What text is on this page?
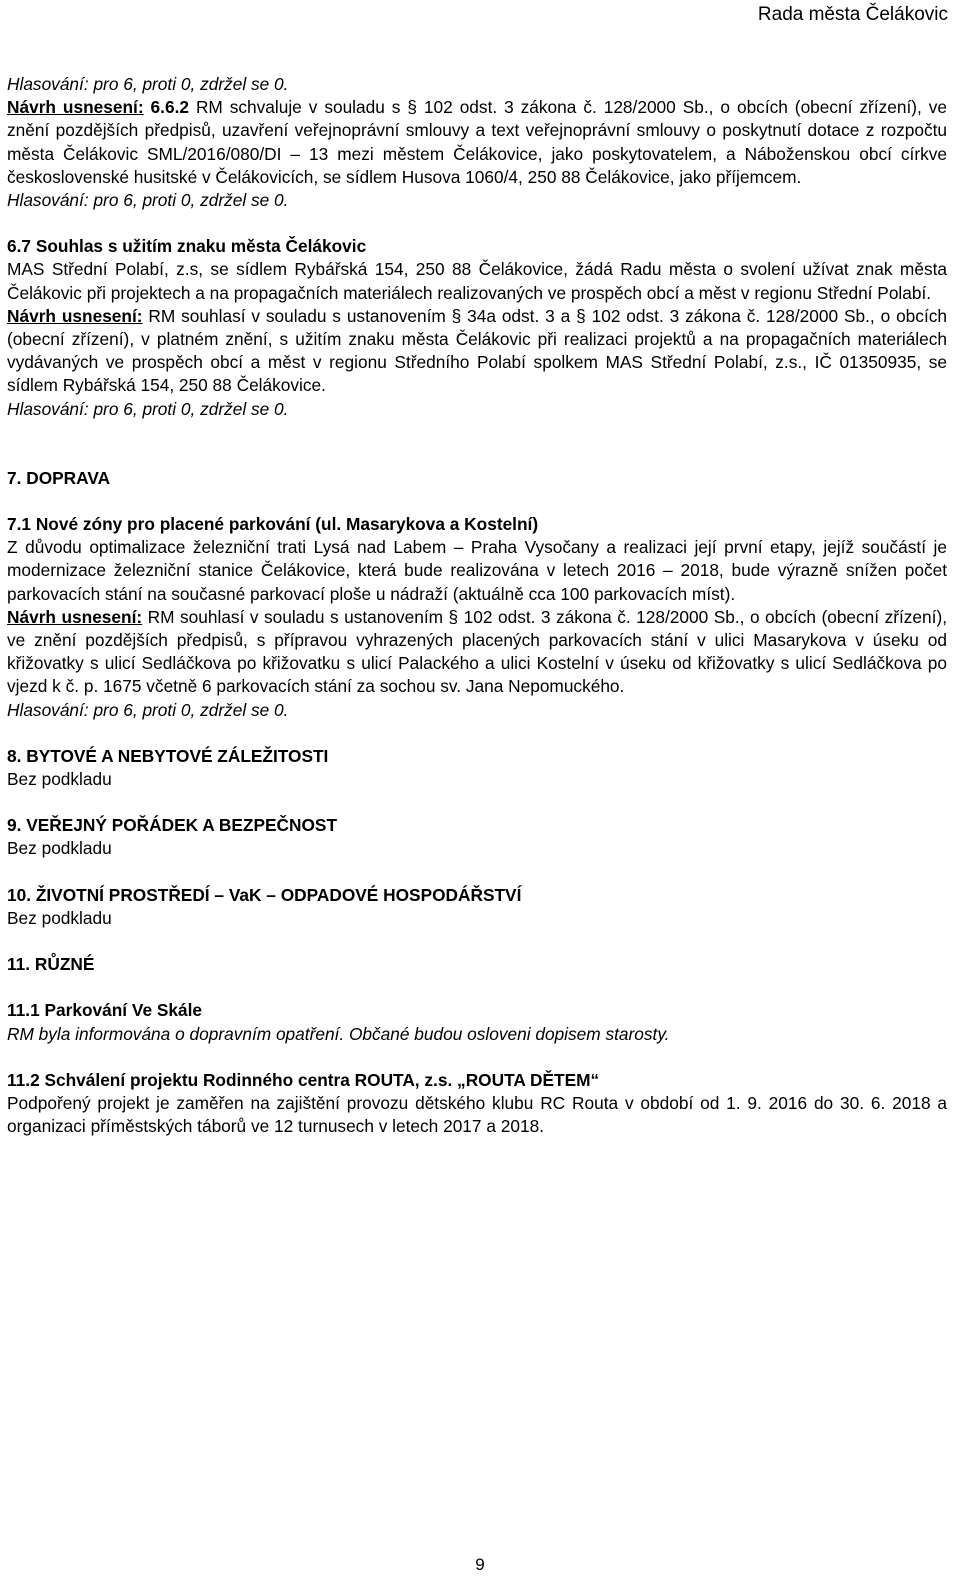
Rada města Čelákovic

Hlasování: pro 6, proti 0, zdržel se 0.

Návrh usnesení: 6.6.2 RM schvaluje v souladu s § 102 odst. 3 zákona č. 128/2000 Sb., o obcích (obecní zřízení), ve znění pozdějších předpisů, uzavření veřejnoprávní smlouvy a text veřejnoprávní smlouvy o poskytnutí dotace z rozpočtu města Čelákovic SML/2016/080/DI – 13 mezi městem Čelákovice, jako poskytovatelem, a Náboženskou obcí církve československé husitské v Čelákovicích, se sídlem Husova 1060/4, 250 88 Čelákovice, jako příjemcem.

Hlasování: pro 6, proti 0, zdržel se 0.

6.7 Souhlas s užitím znaku města Čelákovic

MAS Střední Polabí, z.s, se sídlem Rybářská 154, 250 88 Čelákovice, žádá Radu města o svolení užívat znak města Čelákovic při projektech a na propagačních materiálech realizovaných ve prospěch obcí a měst v regionu Střední Polabí.

Návrh usnesení: RM souhlasí v souladu s ustanovením § 34a odst. 3 a § 102 odst. 3 zákona č. 128/2000 Sb., o obcích (obecní zřízení), v platném znění, s užitím znaku města Čelákovic při realizaci projektů a na propagačních materiálech vydávaných ve prospěch obcí a měst v regionu Středního Polabí spolkem MAS Střední Polabí, z.s., IČ 01350935, se sídlem Rybářská 154, 250 88 Čelákovice.

Hlasování: pro 6, proti 0, zdržel se 0.

7. DOPRAVA

7.1 Nové zóny pro placené parkování (ul. Masarykova a Kostelní)

Z důvodu optimalizace železniční trati Lysá nad Labem – Praha Vysočany a realizaci její první etapy, jejíž součástí je modernizace železniční stanice Čelákovice, která bude realizována v letech 2016 – 2018, bude výrazně snížen počet parkovacích stání na současné parkovací ploše u nádraží (aktuálně cca 100 parkovacích míst).

Návrh usnesení: RM souhlasí v souladu s ustanovením § 102 odst. 3 zákona č. 128/2000 Sb., o obcích (obecní zřízení), ve znění pozdějších předpisů, s přípravou vyhrazených placených parkovacích stání v ulici Masarykova v úseku od křižovatky s ulicí Sedláčkova po křižovatku s ulicí Palackého a ulici Kostelní v úseku od křižovatky s ulicí Sedláčkova po vjezd k č. p. 1675 včetně 6 parkovacích stání za sochou sv. Jana Nepomuckého.

Hlasování: pro 6, proti 0, zdržel se 0.

8. BYTOVÉ A NEBYTOVÉ ZÁLEŽITOSTI

Bez podkladu

9. VEŘEJNÝ POŘÁDEK A BEZPEČNOST

Bez podkladu

10. ŽIVOTNÍ PROSTŘEDÍ – VaK – ODPADOVÉ HOSPODÁŘSTVÍ

Bez podkladu

11. RŮZNÉ

11.1 Parkování Ve Skále

RM byla informována o dopravním opatření. Občané budou osloveni dopisem starosty.

11.2 Schválení projektu Rodinného centra ROUTA, z.s. „ROUTA DĚTEM“

Podpořený projekt je zaměřen na zajištění provozu dětského klubu RC Routa v období od 1. 9. 2016 do 30. 6. 2018 a organizaci příměstských táborů ve 12 turnusech v letech 2017 a 2018.

9
